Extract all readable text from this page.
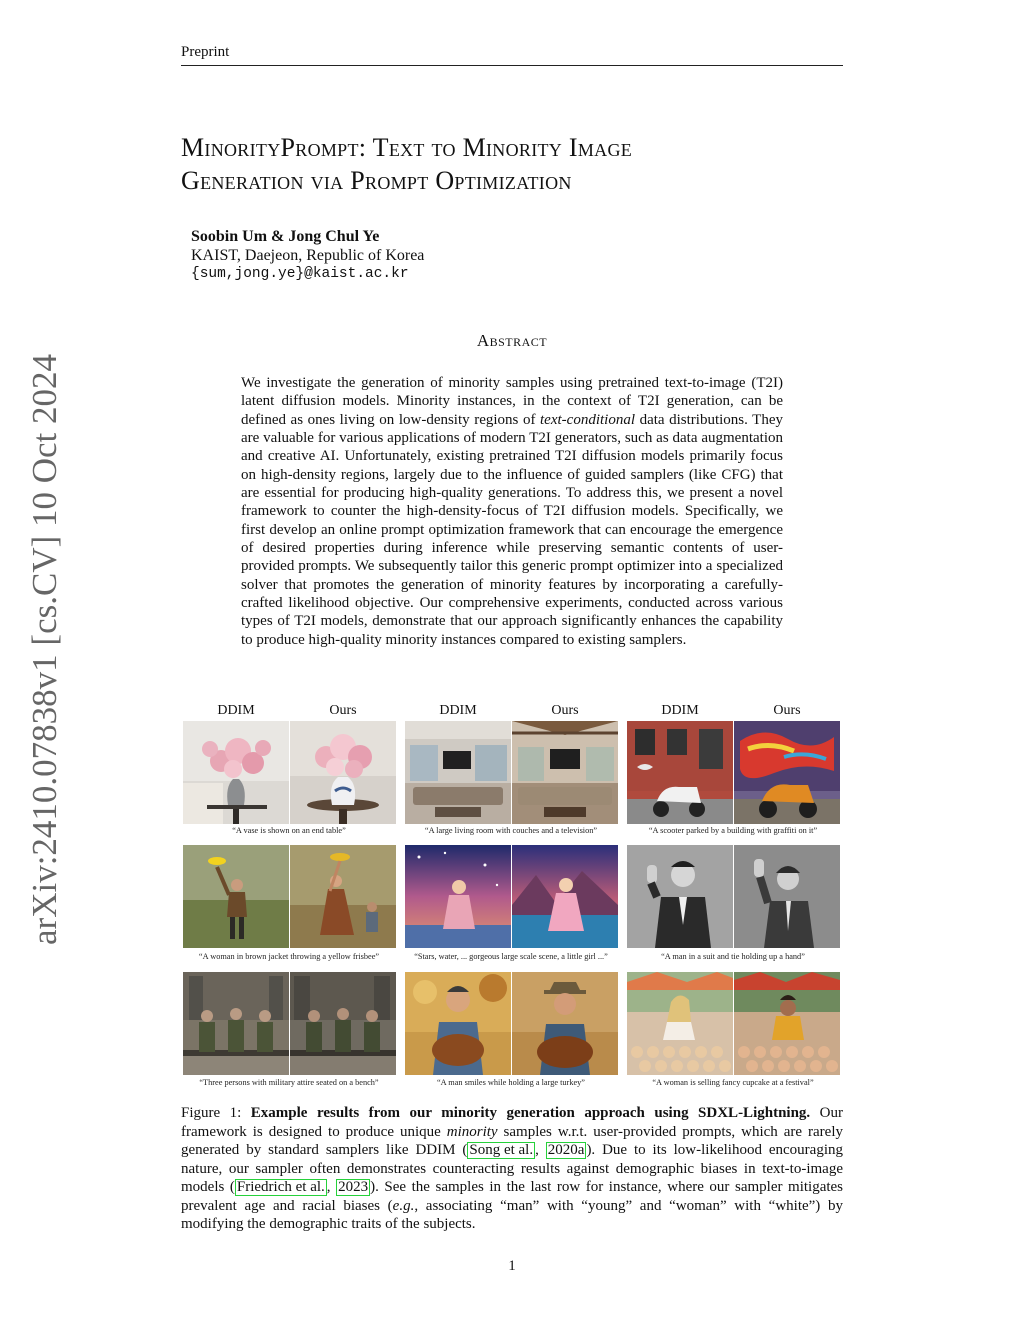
Preprint
arXiv:2410.07838v1 [cs.CV] 10 Oct 2024
MinorityPrompt: Text to Minority Image
Generation via Prompt Optimization
Soobin Um & Jong Chul Ye
KAIST, Daejeon, Republic of Korea
{sum,jong.ye}@kaist.ac.kr
Abstract
We investigate the generation of minority samples using pretrained text-to-image (T2I) latent diffusion models. Minority instances, in the context of T2I generation, can be defined as ones living on low-density regions of text-conditional data distributions. They are valuable for various applications of modern T2I generators, such as data augmentation and creative AI. Unfortunately, existing pretrained T2I diffusion models primarily focus on high-density regions, largely due to the influence of guided samplers (like CFG) that are essential for producing high-quality generations. To address this, we present a novel framework to counter the high-density-focus of T2I diffusion models. Specifically, we first develop an online prompt optimization framework that can encourage the emergence of desired properties during inference while preserving semantic contents of user-provided prompts. We subsequently tailor this generic prompt optimizer into a specialized solver that promotes the generation of minority features by incorporating a carefully-crafted likelihood objective. Our comprehensive experiments, conducted across various types of T2I models, demonstrate that our approach significantly enhances the capability to produce high-quality minority instances compared to existing samplers.
DDIM	Ours	DDIM	Ours	DDIM	Ours
“A vase is shown on an end table”	“A large living room with couches and a television”	“A scooter parked by a building with graffiti on it”
“A woman in brown jacket throwing a yellow frisbee”	“Stars, water, ... gorgeous large scale scene, a little girl ...”	“A man in a suit and tie holding up a hand”
“Three persons with military attire seated on a bench”	“A man smiles while holding a large turkey”	“A woman is selling fancy cupcake at a festival”
Figure 1: Example results from our minority generation approach using SDXL-Lightning. Our framework is designed to produce unique minority samples w.r.t. user-provided prompts, which are rarely generated by standard samplers like DDIM ( Song et al. , 2020a ). Due to its low-likelihood encouraging nature, our sampler often demonstrates counteracting results against demographic biases in text-to-image models ( Friedrich et al. , 2023 ). See the samples in the last row for instance, where our sampler mitigates prevalent age and racial biases (e.g., associating “man” with “young” and “woman” with “white”) by modifying the demographic traits of the subjects.
1
